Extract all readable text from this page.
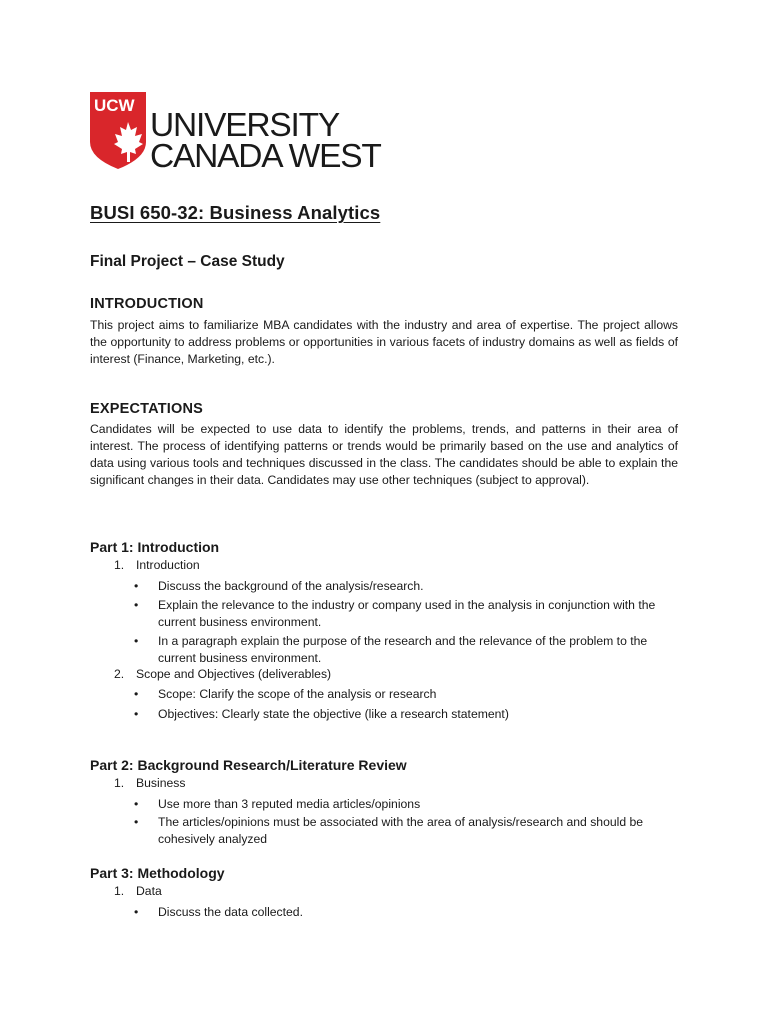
UCW
UNIVERSITY
CANADA WEST
BUSI 650-32: Business Analytics
Final Project – Case Study
INTRODUCTION

This project aims to familiarize MBA candidates with the industry and area of expertise. The project allows the opportunity to address problems or opportunities in various facets of industry domains as well as fields of interest (Finance, Marketing, etc.).

EXPECTATIONS

Candidates will be expected to use data to identify the problems, trends, and patterns in their area of interest. The process of identifying patterns or trends would be primarily based on the use and analytics of data using various tools and techniques discussed in the class. The candidates should be able to explain the significant changes in their data. Candidates may use other techniques (subject to approval).

Part 1: Introduction

1. Introduction

• Discuss the background of the analysis/research.

• Explain the relevance to the industry or company used in the analysis in conjunction with the current business environment.

• In a paragraph explain the purpose of the research and the relevance of the problem to the current business environment.

2. Scope and Objectives (deliverables)

• Scope: Clarify the scope of the analysis or research

• Objectives: Clearly state the objective (like a research statement)

Part 2: Background Research/Literature Review

1. Business

• Use more than 3 reputed media articles/opinions

• The articles/opinions must be associated with the area of analysis/research and should be cohesively analyzed

Part 3: Methodology

1. Data

• Discuss the data collected.
